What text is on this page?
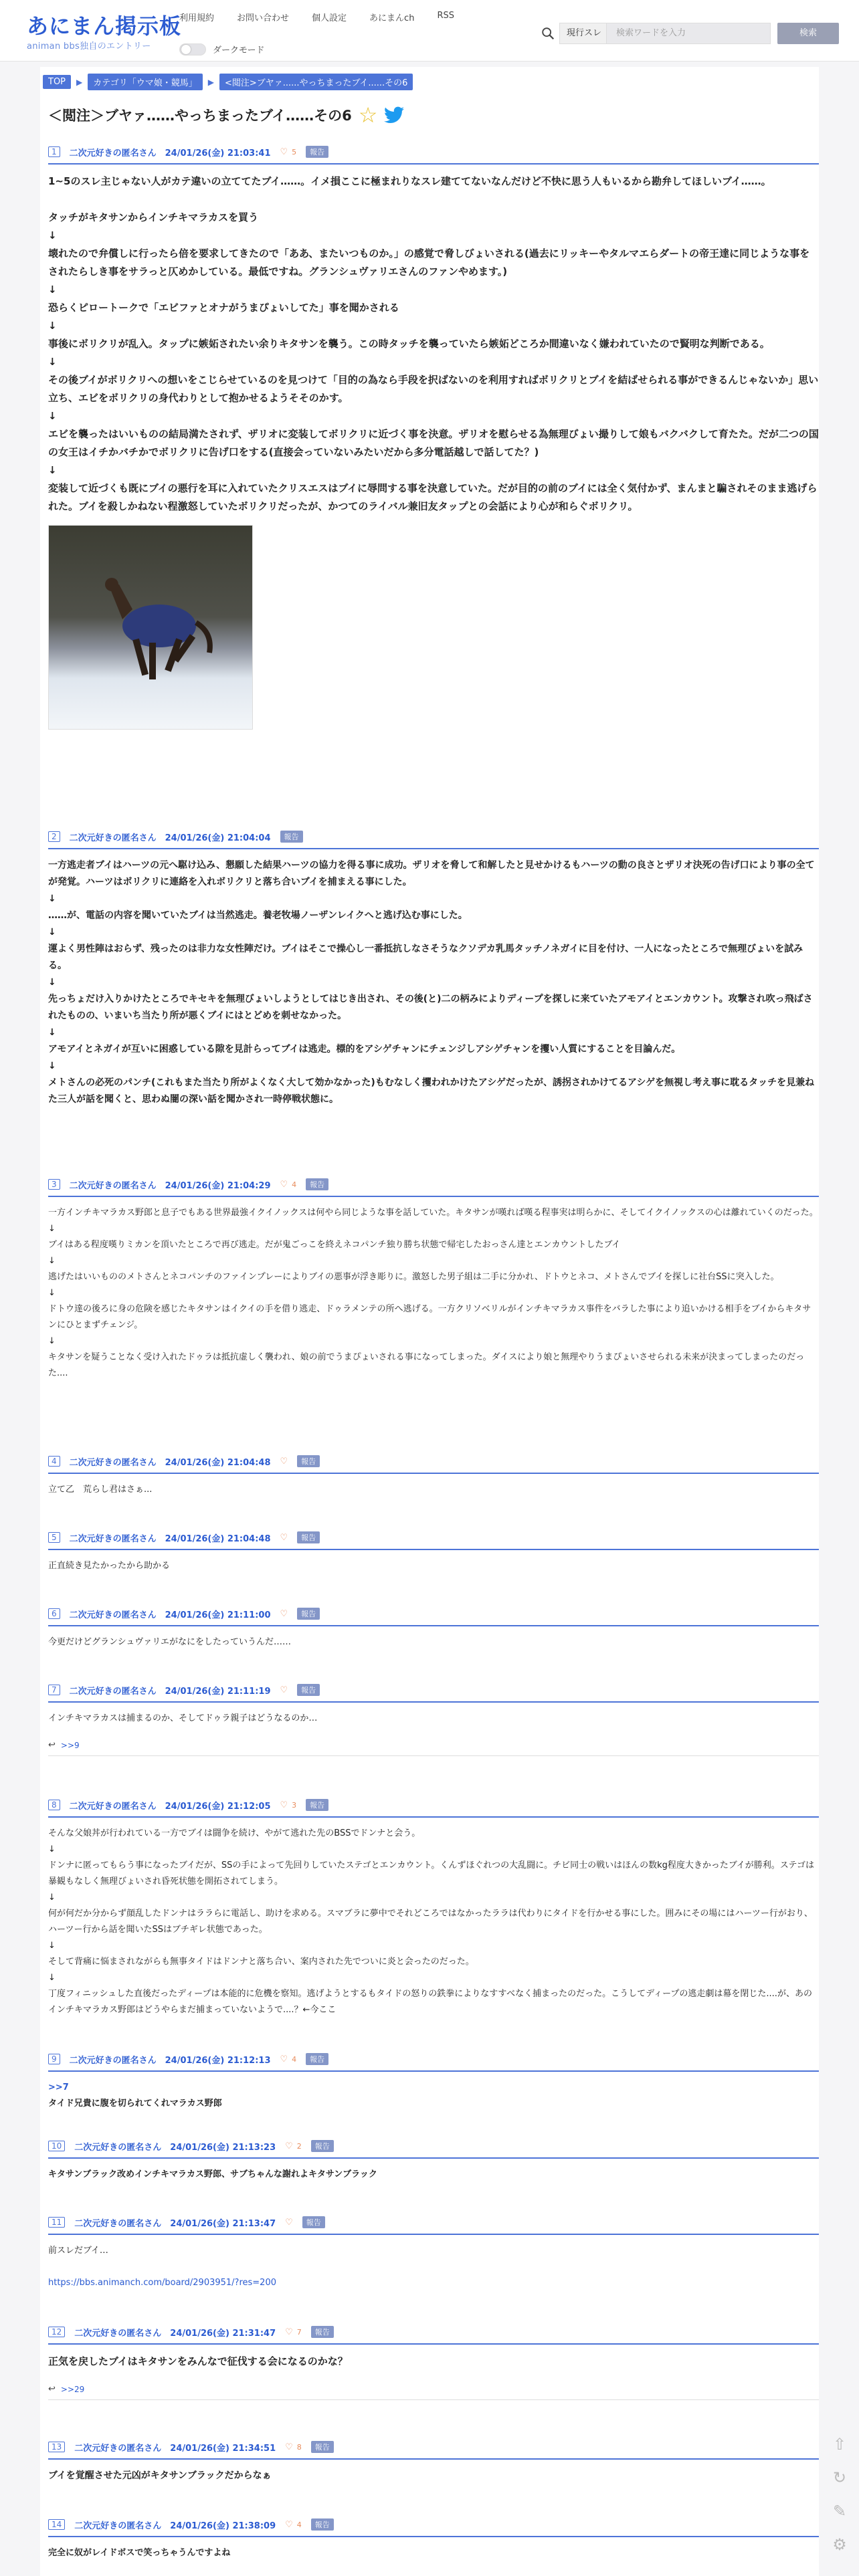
あにまん掲示板
animan bbs独自のエントリー
利用規約	お問い合わせ	個人設定	あにまんch	RSS
ダークモード
現行スレ	検索ワードを入力	検索
TOP	▶	カテゴリ「ウマ娘・競馬」	▶	<閲注>ブヤァ......やっちまったブイ......その6
＜閲注＞ブヤァ……やっちまったブイ……その6 ☆
1	二次元好きの匿名さん　24/01/26(金) 21:03:41 ♡ 5	報告
1~5のスレ主じゃない人がカテ違いの立ててたブイ……。イメ損ここに極まれりなスレ建ててないなんだけど不快に思う人もいるから勘弁してほしいブイ……。

タッチがキタサンからインチキマラカスを買う
↓
壊れたので弁償しに行ったら倍を要求してきたので「ああ、またいつものか。」の感覚で脅しびょいされる(過去にリッキーやタルマエらダートの帝王達に同じような事をされたらしき事をサラっと仄めかしている。最低ですね。グランシュヴァリエさんのファンやめます。)
↓
恐らくピロートークで「エビファとオナがうまぴょいしてた」事を聞かされる
↓
事後にボリクリが乱入。タップに嫉妬されたい余りキタサンを襲う。この時タッチを襲っていたら嫉妬どころか間違いなく嫌われていたので賢明な判断である。
↓
その後ブイがボリクリへの想いをこじらせているのを見つけて「目的の為なら手段を択ばないのを利用すればボリクリとブイを結ばせられる事ができるんじゃないか」思い立ち、エビをボリクリの身代わりとして抱かせるようそそのかす。
↓
エビを襲ったはいいものの結局満たされず、ザリオに変装してボリクリに近づく事を決意。ザリオを慰らせる為無理びょい撮りして娘もバクバクして育たた。だが二つの国の女王はイチかバチかでボリクリに告げ口をする(直接会っていないみたいだから多分電話越しで話してた？)
↓
変装して近づくも既にブイの悪行を耳に入れていたクリスエスはブイに辱問する事を決意していた。だが目的の前のブイには全く気付かず、まんまと騙されそのまま逃げられた。ブイを殺しかねない程激怒していたボリクリだったが、かつてのライバル兼旧友タップとの会話により心が和らぐボリクリ。
2	二次元好きの匿名さん　24/01/26(金) 21:04:04	報告
一方逃走者ブイはハーツの元へ駆け込み、懇願した結果ハーツの協力を得る事に成功。ザリオを脅して和解したと見せかけるもハーツの動の良さとザリオ決死の告げ口により事の全てが発覚。ハーツはボリクリに連絡を入れボリクリと落ち合いブイを捕まえる事にした。
↓
……が、電話の内容を聞いていたブイは当然逃走。養老牧場ノーザンレイクへと逃げ込む事にした。
↓
運よく男性陣はおらず、残ったのは非力な女性陣だけ。ブイはそこで操心し一番抵抗しなさそうなクソデカ乳馬タッチノネガイに目を付け、一人になったところで無理びょいを試みる。
↓
先っちょだけ入りかけたところでキセキを無理びょいしようとしてはじき出され、その後(と)二の柄みによりディープを探しに来ていたアモアイとエンカウント。攻撃され吹っ飛ばされたものの、いまいち当たり所が悪くブイにはとどめを刺せなかった。
↓
アモアイとネガイが互いに困惑している隙を見計らってブイは逃走。標的をアシゲチャンにチェンジしアシゲチャンを攫い人質にすることを目論んだ。
↓
メトさんの必死のパンチ(これもまた当たり所がよくなく大して効かなかった)もむなしく攫われかけたアシゲだったが、誘拐されかけてるアシゲを無視し考え事に耽るタッチを見兼ねた三人が話を聞くと、思わぬ闇の深い話を聞かされ一時停戦状態に。
3	二次元好きの匿名さん　24/01/26(金) 21:04:29 ♡ 4	報告
一方インチキマラカス野郎と息子でもある世界最強イクイノックスは何やら同じような事を話していた。キタサンが嘆れば嘆る程事実は明らかに、そしてイクイノックスの心は離れていくのだった。
↓
ブイはある程度嘆りミカンを頂いたところで再び逃走。だが鬼ごっこを終えネコパンチ独り勝ち状態で帰宅したおっさん達とエンカウントしたブイ
↓
逃げたはいいもののメトさんとネコパンチのファインプレーによりブイの悪事が浮き彫りに。激怒した男子組は二手に分かれ、ドトウとネコ、メトさんでブイを探しに社台SSに突入した。
↓
ドトウ達の後ろに身の危険を感じたキタサンはイクイの手を借り逃走、ドゥラメンテの所へ逃げる。一方クリソベリルがインチキマラカス事件をバラした事により追いかける相手をブイからキタサンにひとまずチェンジ。
↓
キタサンを疑うことなく受け入れたドゥラは抵抗虚しく襲われ、娘の前でうまぴょいされる事になってしまった。ダイスにより娘と無理やりうまぴょいさせられる未来が決まってしまったのだった....
4	二次元好きの匿名さん　24/01/26(金) 21:04:48 ♡	報告
立て乙　荒らし君はさぁ...
5	二次元好きの匿名さん　24/01/26(金) 21:04:48 ♡	報告
正直続き見たかったから助かる
6	二次元好きの匿名さん　24/01/26(金) 21:11:00 ♡	報告
今更だけどグランシュヴァリエがなにをしたっていうんだ……
7	二次元好きの匿名さん　24/01/26(金) 21:11:19 ♡	報告
インチキマラカスは捕まるのか、そしてドゥラ親子はどうなるのか…
↩ >>9
8	二次元好きの匿名さん　24/01/26(金) 21:12:05 ♡ 3	報告
そんな父娘丼が行われている一方でブイは闘争を続け、やがて逃れた先のBSSでドンナと会う。
↓
ドンナに匿ってもらう事になったブイだが、SSの手によって先回りしていたステゴとエンカウント。くんずほぐれつの大乱闘に。チビ同士の戦いはほんの数kg程度大きかったブイが勝利。ステゴは暴観もなしく無理びょいされ昏死状態を開拓されてしまう。
↓
何が何だか分からず顔乱したドンナはララらに電話し、助けを求める。スマブラに夢中でそれどころではなかったララは代わりにタイドを行かせる事にした。囲みにその場にはハーツー行がおり、ハーツー行から話を聞いたSSはブチギレ状態であった。
↓
そして背痛に悩まされながらも無事タイドはドンナと落ち合い、案内された先でついに炎と会ったのだった。
↓
丁度フィニッシュした直後だったディープは本能的に危機を察知。逃げようとするもタイドの怒りの鉄拳によりなすすべなく捕まったのだった。こうしてディープの逃走劇は幕を閉じた....が、あのインチキマラカス野郎はどうやらまだ捕まっていないようで....？←今ここ
9	二次元好きの匿名さん　24/01/26(金) 21:12:13 ♡ 4	報告
>>7
タイド兄貴に腹を切られてくれマラカス野郎
10	二次元好きの匿名さん　24/01/26(金) 21:13:23 ♡ 2	報告
キタサンブラック改めインチキマラカス野郎、サブちゃんな謝れよキタサンブラック
11	二次元好きの匿名さん　24/01/26(金) 21:13:47 ♡	報告
前スレだブイ…

https://bbs.animanch.com/board/2903951/?res=200
12	二次元好きの匿名さん　24/01/26(金) 21:31:47 ♡ 7	報告
正気を戻したブイはキタサンをみんなで征伐する会になるのかな？
↩ >>29
13	二次元好きの匿名さん　24/01/26(金) 21:34:51 ♡ 8	報告
ブイを覚醒させた元凶がキタサンブラックだからなぁ
14	二次元好きの匿名さん　24/01/26(金) 21:38:09 ♡ 4	報告
完全に奴がレイドボスで笑っちゃうんですよね
⇧
↻
✎
⚙
